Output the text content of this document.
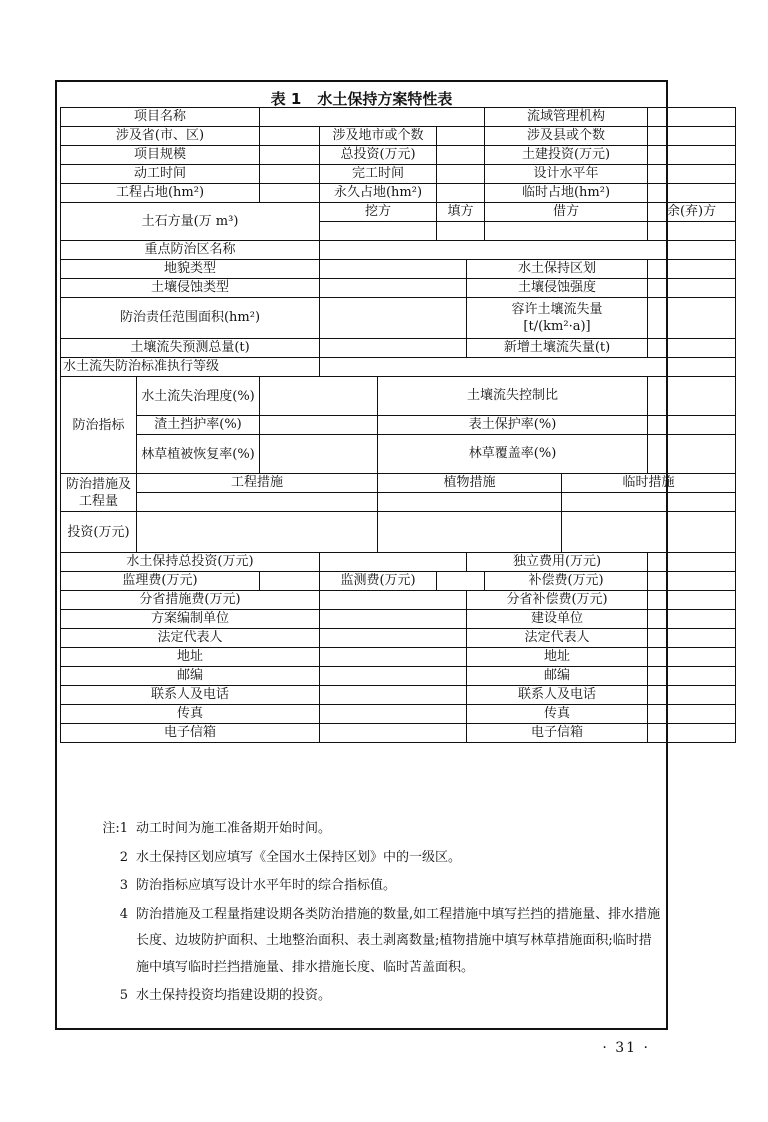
表 1 水土保持方案特性表
项目名称							流域管理机构		
涉及省(市、区)			涉及地市或个数				涉及县或个数		
项目规模			总投资(万元)				土建投资(万元)		
动工时间			完工时间				设计水平年		
工程占地(hm²)			永久占地(hm²)				临时占地(hm²)		
土石方量(万 m³)			挖方		填方		借方		余(弃)方

重点防治区名称									
地貌类型						水土保持区划			
土壤侵蚀类型						土壤侵蚀强度			
防治责任范围面积(hm²)						容许土壤流失量
[t/(km²·a)]			

土壤流失预测总量(t)						新增土壤流失量(t)			
水土流失防治标准执行等级									
防治指标	水土流失治理度(%)			土壤流失控制比					
	渣土挡护率(%)			表土保护率(%)					
	林草植被恢复率(%)			林草覆盖率(%)					
防治措施及工程量	工程措施			植物措施				临时措施	

投资(万元)									
水土保持总投资(万元)						独立费用(万元)			
监理费(万元)			监测费(万元)				补偿费(万元)		
分省措施费(万元)						分省补偿费(万元)			
方案编制单位						建设单位			
法定代表人						法定代表人			
地址						地址			
邮编						邮编			
联系人及电话						联系人及电话			
传真						传真			
电子信箱						电子信箱			
注:1 动工时间为施工准备期开始时间。
2 水土保持区划应填写《全国水土保持区划》中的一级区。
3 防治指标应填写设计水平年时的综合指标值。
4 防治措施及工程量指建设期各类防治措施的数量,如工程措施中填写拦挡的措施量、排水措施长度、边坡防护面积、土地整治面积、表土剥离数量;植物措施中填写林草措施面积;临时措施中填写临时拦挡措施量、排水措施长度、临时苫盖面积。
5 水土保持投资均指建设期的投资。
· 31 ·
